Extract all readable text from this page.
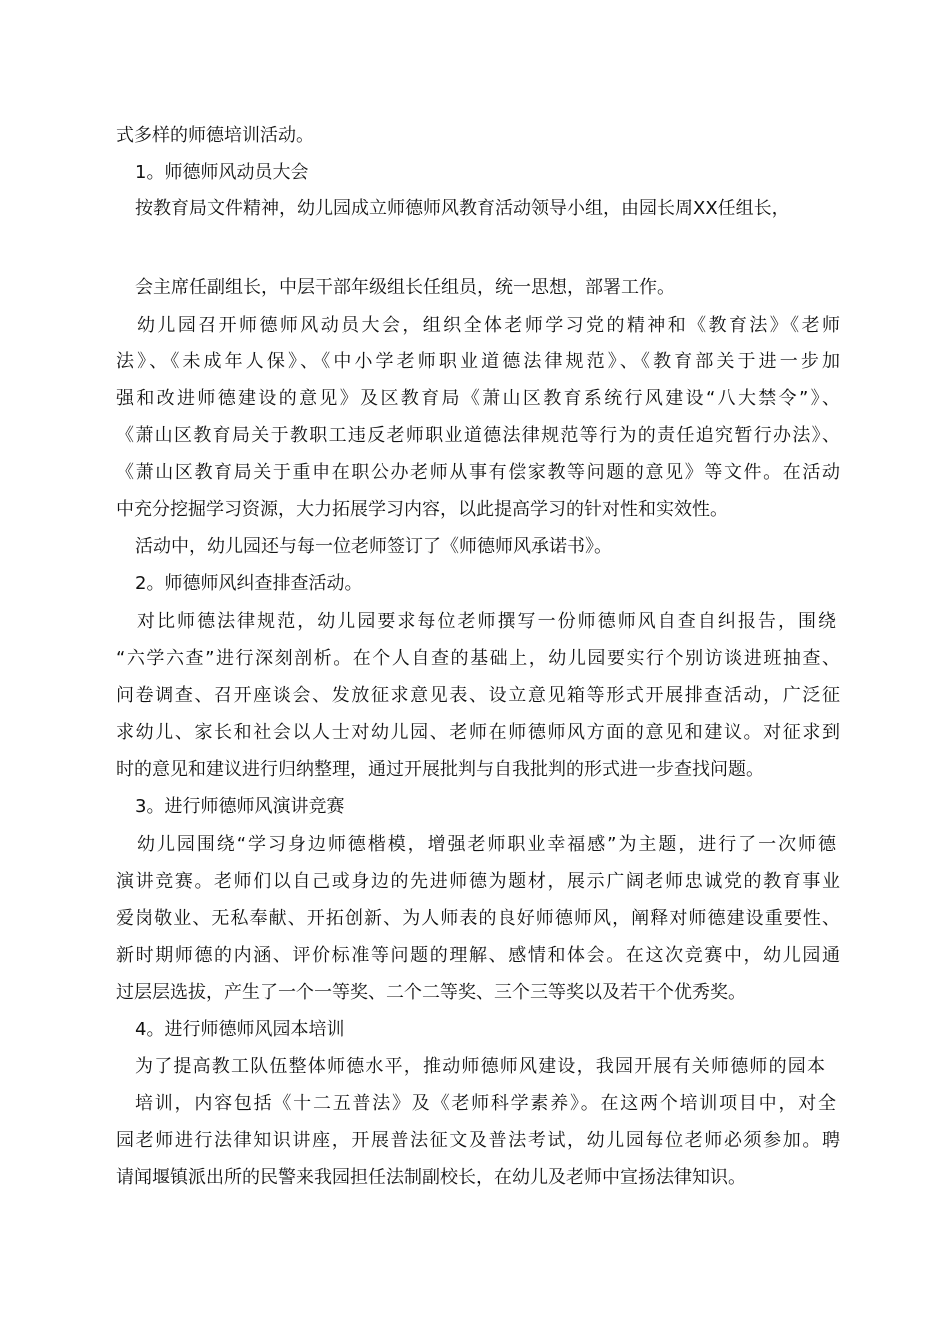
式多样的师德培训活动。
1。师德师风动员大会
按教育局文件精神，幼儿园成立师德师风教育活动领导小组，由园长周XX任组长，
会主席任副组长，中层干部年级组长任组员，统一思想，部署工作。
幼儿园召开师德师风动员大会，组织全体老师学习党的精神和《教育法》《老师
法》、《未成年人保》、《中小学老师职业道德法律规范》、《教育部关于进一步加
强和改进师德建设的意见》及区教育局《萧山区教育系统行风建设“八大禁令”》、
《萧山区教育局关于教职工违反老师职业道德法律规范等行为的责任追究暂行办法》、
《萧山区教育局关于重申在职公办老师从事有偿家教等问题的意见》等文件。在活动
中充分挖掘学习资源，大力拓展学习内容，以此提高学习的针对性和实效性。
活动中，幼儿园还与每一位老师签订了《师德师风承诺书》。
2。师德师风纠查排查活动。
对比师德法律规范，幼儿园要求每位老师撰写一份师德师风自查自纠报告，围绕
“六学六查”进行深刻剖析。在个人自查的基础上，幼儿园要实行个别访谈进班抽查、
问卷调查、召开座谈会、发放征求意见表、设立意见箱等形式开展排查活动，广泛征
求幼儿、家长和社会以人士对幼儿园、老师在师德师风方面的意见和建议。对征求到
时的意见和建议进行归纳整理，通过开展批判与自我批判的形式进一步查找问题。
3。进行师德师风演讲竞赛
幼儿园围绕“学习身边师德楷模，增强老师职业幸福感”为主题，进行了一次师德
演讲竞赛。老师们以自己或身边的先进师德为题材，展示广阔老师忠诚党的教育事业
爱岗敬业、无私奉献、开拓创新、为人师表的良好师德师风，阐释对师德建设重要性、
新时期师德的内涵、评价标准等问题的理解、感情和体会。在这次竞赛中，幼儿园通
过层层选拔，产生了一个一等奖、二个二等奖、三个三等奖以及若干个优秀奖。
4。进行师德师风园本培训
为了提高教工队伍整体师德水平，推动师德师风建设，我园开展有关师德师的园本
培训，内容包括《十二五普法》及《老师科学素养》。在这两个培训项目中，对全
园老师进行法律知识讲座，开展普法征文及普法考试，幼儿园每位老师必须参加。聘
请闻堰镇派出所的民警来我园担任法制副校长，在幼儿及老师中宣扬法律知识。
